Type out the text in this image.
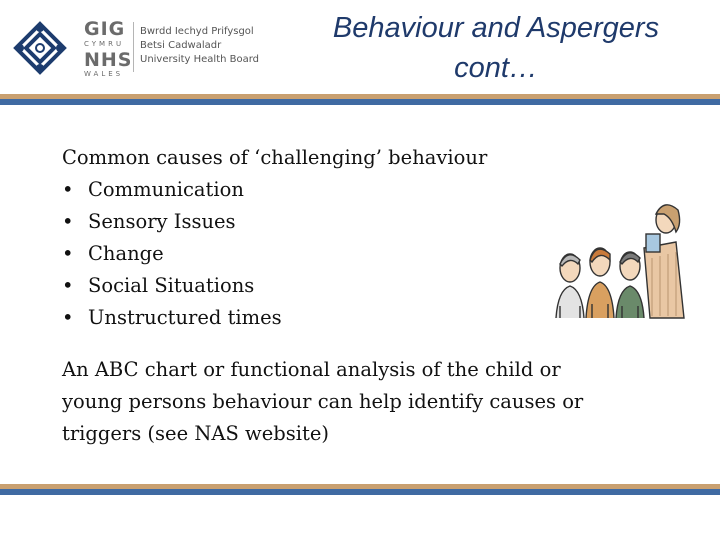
GIG
CYMRU
NHS
WALES
Bwrdd Iechyd Prifysgol
Betsi Cadwaladr
University Health Board
Behaviour and Aspergers
cont…
Common causes of ‘challenging’ behaviour
• Communication
• Sensory Issues
• Change
• Social Situations
• Unstructured times
An ABC chart or functional analysis of the child or young persons behaviour can help identify causes or triggers (see NAS website)
